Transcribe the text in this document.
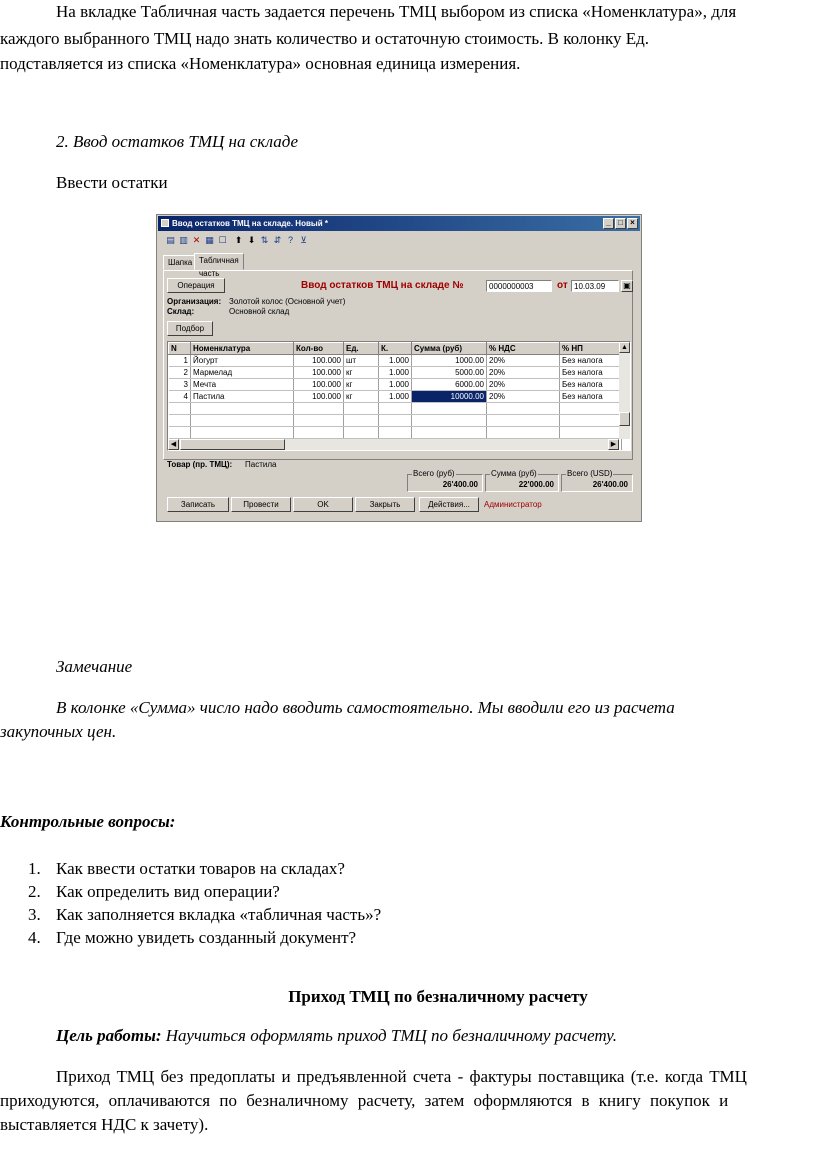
На вкладке Табличная часть задается перечень ТМЦ выбором из списка «Номенклатура», для
каждого выбранного ТМЦ надо знать количество и остаточную стоимость. В колонку Ед.
подставляется из списка «Номенклатура» основная единица измерения.
2. Ввод остатков ТМЦ на складе
Ввести остатки
Ввод остатков ТМЦ на складе. Новый *	_ □ ×
▤ ▥ ✕ ▦ ☐ ⬆ ⬇ ⇅ ⇵ ? ⊻
Шапка Табличная часть
Операция	Ввод остатков ТМЦ на складе №	0000000003	от 10.03.09	▣
Организация: Золотой колос (Основной учет)
Склад:	Основной склад
Подбор
N	Номенклатура	Кол-во	Ед.	К.	Сумма (руб)	% НДС	% НП
1	Йогурт	100.000	шт	1.000	1000.00	20%	Без налога
2	Мармелад	100.000	кг	1.000	5000.00	20%	Без налога
3	Мечта	100.000	кг	1.000	6000.00	20%	Без налога
4	Пастила	100.000	кг	1.000	10000.00	20%	Без налога

▲
◀	▶
Товар (пр. ТМЦ): Пастила
Всего (руб)
26'400.00
Сумма (руб)
22'000.00
Всего (USD)
26'400.00
Записать	Провести	OK	Закрыть	Действия...	Администратор
Замечание
В колонке «Сумма» число надо вводить самостоятельно. Мы вводили его из расчета
закупочных цен.
Контрольные вопросы:
1. Как ввести остатки товаров на складах?
2. Как определить вид операции?
3. Как заполняется вкладка «табличная часть»?
4. Где можно увидеть созданный документ?
Приход ТМЦ по безналичному расчету
Цель работы: Научиться оформлять приход ТМЦ по безналичному расчету.
Приход ТМЦ без предоплаты и предъявленной счета - фактуры поставщика (т.е. когда ТМЦ
приходуются, оплачиваются по безналичному расчету, затем оформляются в книгу покупок и
выставляется НДС к зачету).
